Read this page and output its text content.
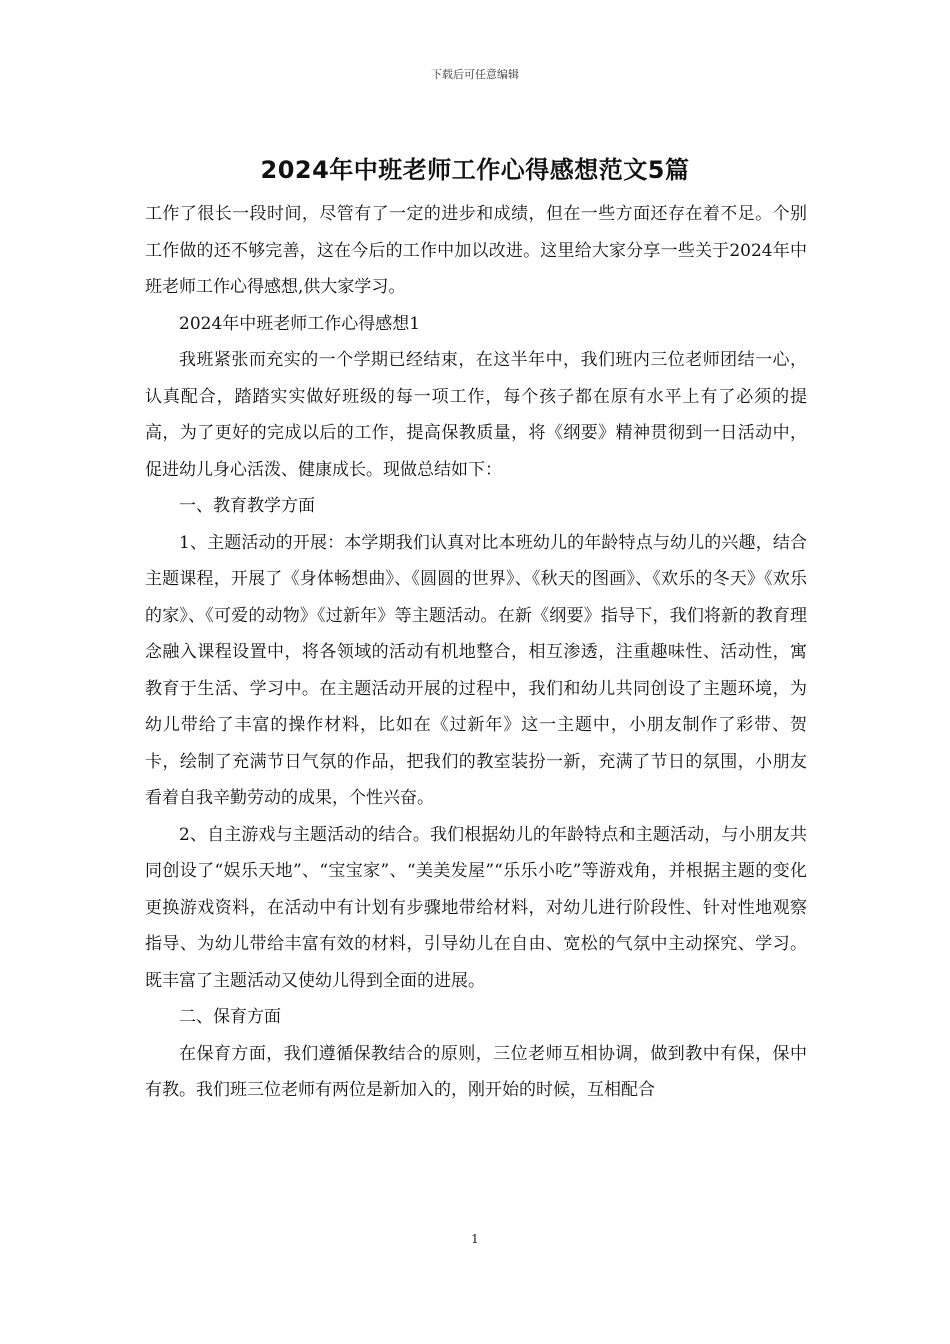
下载后可任意编辑
2024年中班老师工作心得感想范文5篇

工作了很长一段时间，尽管有了一定的进步和成绩，但在一些方面还存在着不足。个别工作做的还不够完善，这在今后的工作中加以改进。这里给大家分享一些关于2024年中班老师工作心得感想,供大家学习。

2024年中班老师工作心得感想1

我班紧张而充实的一个学期已经结束，在这半年中，我们班内三位老师团结一心，认真配合，踏踏实实做好班级的每一项工作，每个孩子都在原有水平上有了必须的提高，为了更好的完成以后的工作，提高保教质量，将《纲要》精神贯彻到一日活动中，促进幼儿身心活泼、健康成长。现做总结如下：

一、教育教学方面

1、主题活动的开展：本学期我们认真对比本班幼儿的年龄特点与幼儿的兴趣，结合主题课程，开展了《身体畅想曲》、《圆圆的世界》、《秋天的图画》、《欢乐的冬天》《欢乐的家》、《可爱的动物》《过新年》等主题活动。在新《纲要》指导下，我们将新的教育理念融入课程设置中，将各领域的活动有机地整合，相互渗透，注重趣味性、活动性，寓教育于生活、学习中。在主题活动开展的过程中，我们和幼儿共同创设了主题环境，为幼儿带给了丰富的操作材料，比如在《过新年》这一主题中，小朋友制作了彩带、贺卡，绘制了充满节日气氛的作品，把我们的教室装扮一新，充满了节日的氛围，小朋友看着自我辛勤劳动的成果，个性兴奋。

2、自主游戏与主题活动的结合。我们根据幼儿的年龄特点和主题活动，与小朋友共同创设了“娱乐天地”、“宝宝家”、“美美发屋”“乐乐小吃”等游戏角，并根据主题的变化更换游戏资料，在活动中有计划有步骤地带给材料，对幼儿进行阶段性、针对性地观察指导、为幼儿带给丰富有效的材料，引导幼儿在自由、宽松的气氛中主动探究、学习。既丰富了主题活动又使幼儿得到全面的进展。

二、保育方面

在保育方面，我们遵循保教结合的原则，三位老师互相协调，做到教中有保，保中有教。我们班三位老师有两位是新加入的，刚开始的时候，互相配合

1
